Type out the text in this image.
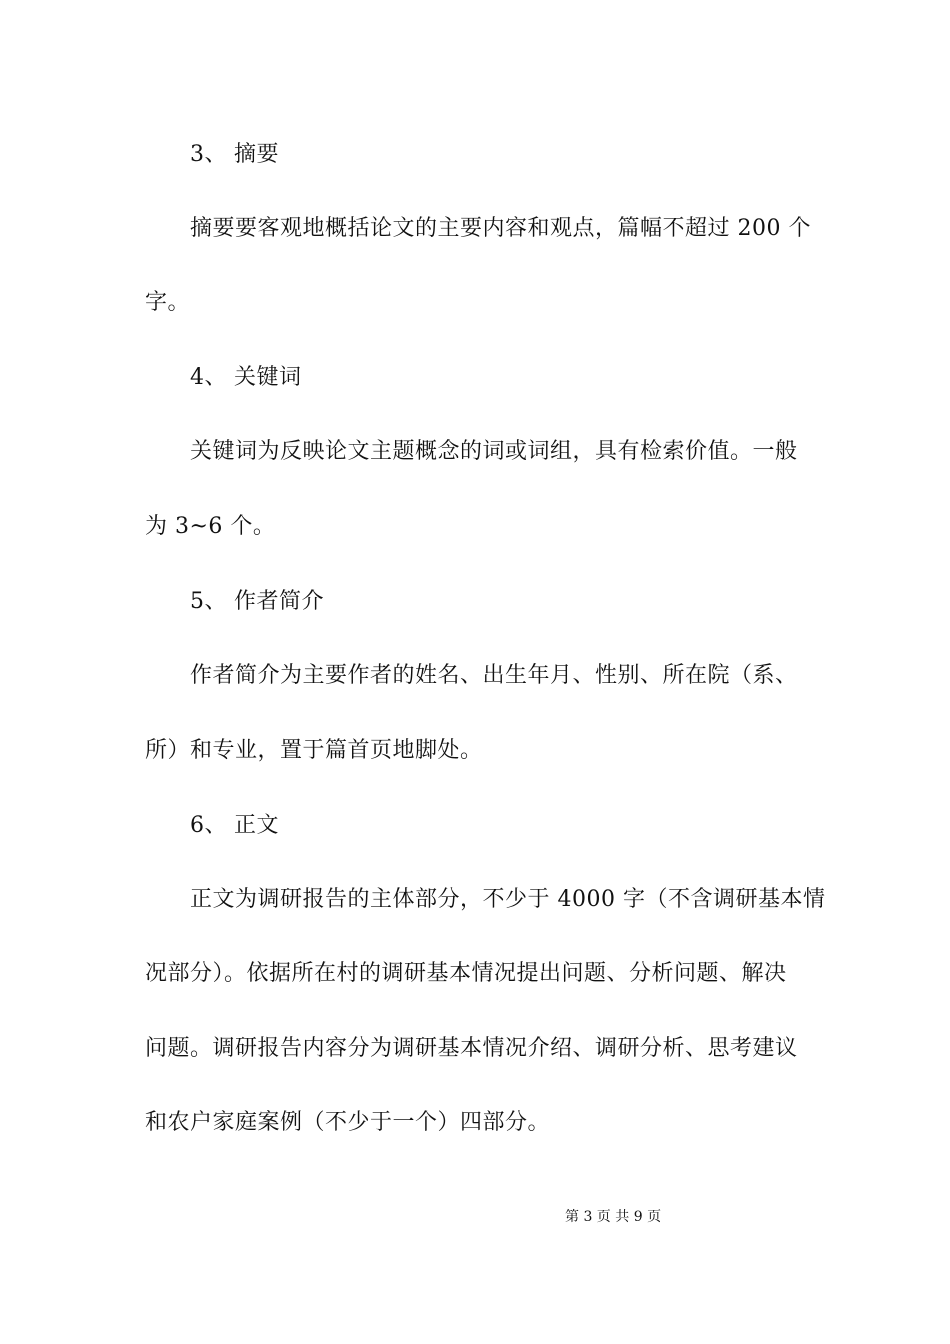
3、 摘要
摘要要客观地概括论文的主要内容和观点，篇幅不超过 200 个
字。
4、 关键词
关键词为反映论文主题概念的词或词组，具有检索价值。一般
为 3~6 个。
5、 作者简介
作者简介为主要作者的姓名、出生年月、性别、所在院（系、
所）和专业，置于篇首页地脚处。
6、 正文
正文为调研报告的主体部分，不少于 4000 字（不含调研基本情
况部分）。依据所在村的调研基本情况提出问题、分析问题、解决
问题。调研报告内容分为调研基本情况介绍、调研分析、思考建议
和农户家庭案例（不少于一个）四部分。
第 3 页 共 9 页
